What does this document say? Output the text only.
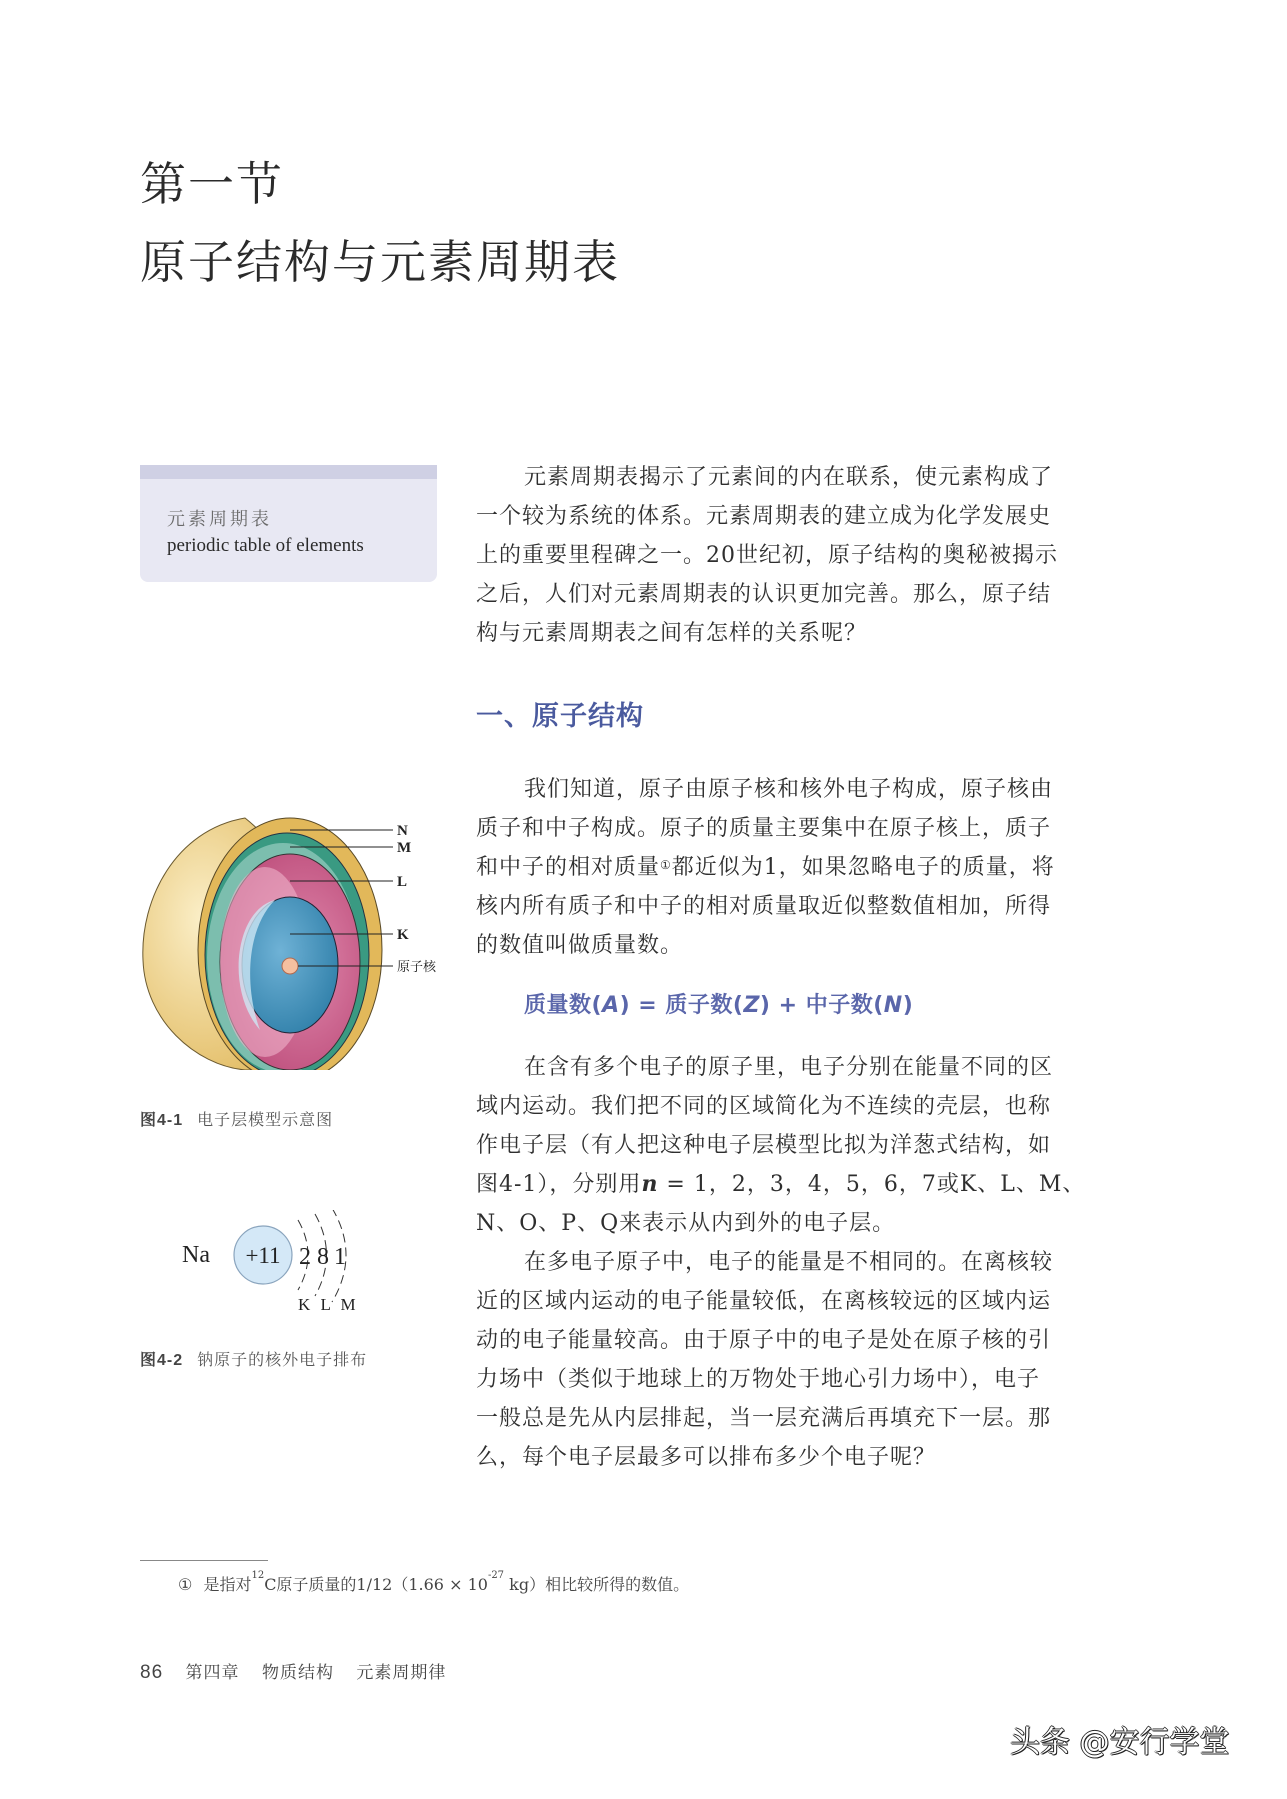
第一节
原子结构与元素周期表
元素周期表
periodic table of elements
元素周期表揭示了元素间的内在联系，使元素构成了
一个较为系统的体系。元素周期表的建立成为化学发展史
上的重要里程碑之一。20世纪初，原子结构的奥秘被揭示
之后，人们对元素周期表的认识更加完善。那么，原子结
构与元素周期表之间有怎样的关系呢？
一、原子结构
我们知道，原子由原子核和核外电子构成，原子核由
质子和中子构成。原子的质量主要集中在原子核上，质子
和中子的相对质量①都近似为1，如果忽略电子的质量，将
核内所有质子和中子的相对质量取近似整数值相加，所得
的数值叫做质量数。
质量数(A) = 质子数(Z) + 中子数(N)
在含有多个电子的原子里，电子分别在能量不同的区
域内运动。我们把不同的区域简化为不连续的壳层，也称
作电子层（有人把这种电子层模型比拟为洋葱式结构，如
图4-1），分别用n = 1，2，3，4，5，6，7或K、L、M、
N、O、P、Q来表示从内到外的电子层。
在多电子原子中，电子的能量是不相同的。在离核较
近的区域内运动的电子能量较低，在离核较远的区域内运
动的电子能量较高。由于原子中的电子是处在原子核的引
力场中（类似于地球上的万物处于地心引力场中），电子
一般总是先从内层排起，当一层充满后再填充下一层。那
么，每个电子层最多可以排布多少个电子呢？
N
M
L
K
原子核
图4-1 电子层模型示意图
Na +11 2 8 1
K L M
图4-2 钠原子的核外电子排布
① 是指对$^{12}$C原子质量的$1/12(1.66 \times 10^{-27}$ kg）相比较所得的数值。
86 第四章 物质结构 元素周期律
头条 @安行学堂
